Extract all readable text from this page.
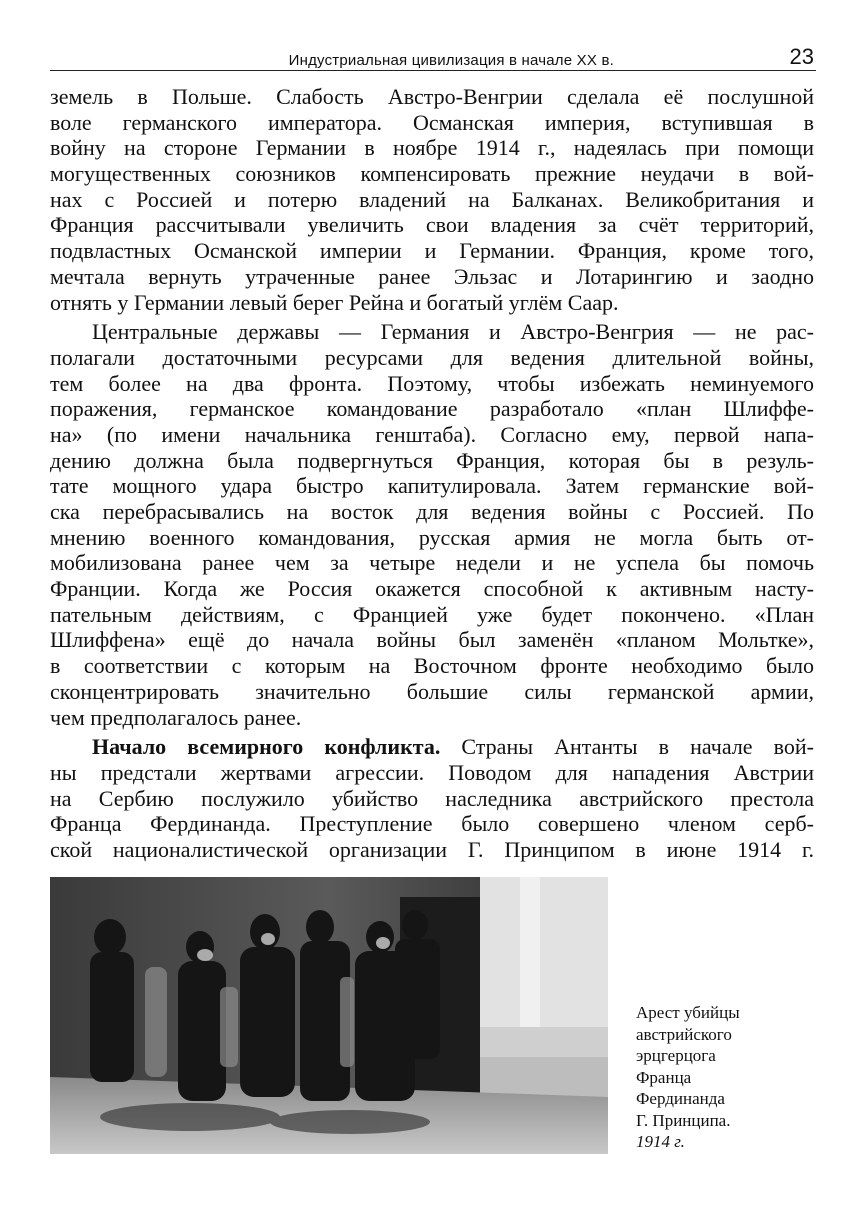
Индустриальная цивилизация в начале XX в.	23
земель в Польше. Слабость Австро-Венгрии сделала её послушной
воле германского императора. Османская империя, вступившая в
войну на стороне Германии в ноябре 1914 г., надеялась при помощи
могущественных союзников компенсировать прежние неудачи в вой-
нах с Россией и потерю владений на Балканах. Великобритания и
Франция рассчитывали увеличить свои владения за счёт территорий,
подвластных Османской империи и Германии. Франция, кроме того,
мечтала вернуть утраченные ранее Эльзас и Лотарингию и заодно
отнять у Германии левый берег Рейна и богатый углём Саар.
Центральные державы — Германия и Австро-Венгрия — не рас-
полагали достаточными ресурсами для ведения длительной войны,
тем более на два фронта. Поэтому, чтобы избежать неминуемого
поражения, германское командование разработало «план Шлиффе-
на» (по имени начальника генштаба). Согласно ему, первой напа-
дению должна была подвергнуться Франция, которая бы в резуль-
тате мощного удара быстро капитулировала. Затем германские вой-
ска перебрасывались на восток для ведения войны с Россией. По
мнению военного командования, русская армия не могла быть от-
мобилизована ранее чем за четыре недели и не успела бы помочь
Франции. Когда же Россия окажется способной к активным насту-
пательным действиям, с Францией уже будет покончено. «План
Шлиффена» ещё до начала войны был заменён «планом Мольтке»,
в соответствии с которым на Восточном фронте необходимо было
сконцентрировать значительно большие силы германской армии,
чем предполагалось ранее.
Начало всемирного конфликта. Страны Антанты в начале вой-
ны предстали жертвами агрессии. Поводом для нападения Австрии
на Сербию послужило убийство наследника австрийского престола
Франца Фердинанда. Преступление было совершено членом серб-
ской националистической организации Г. Принципом в июне 1914 г.
Арест убийцы
австрийского
эрцгерцога
Франца
Фердинанда
Г. Принципа.
1914 г.
